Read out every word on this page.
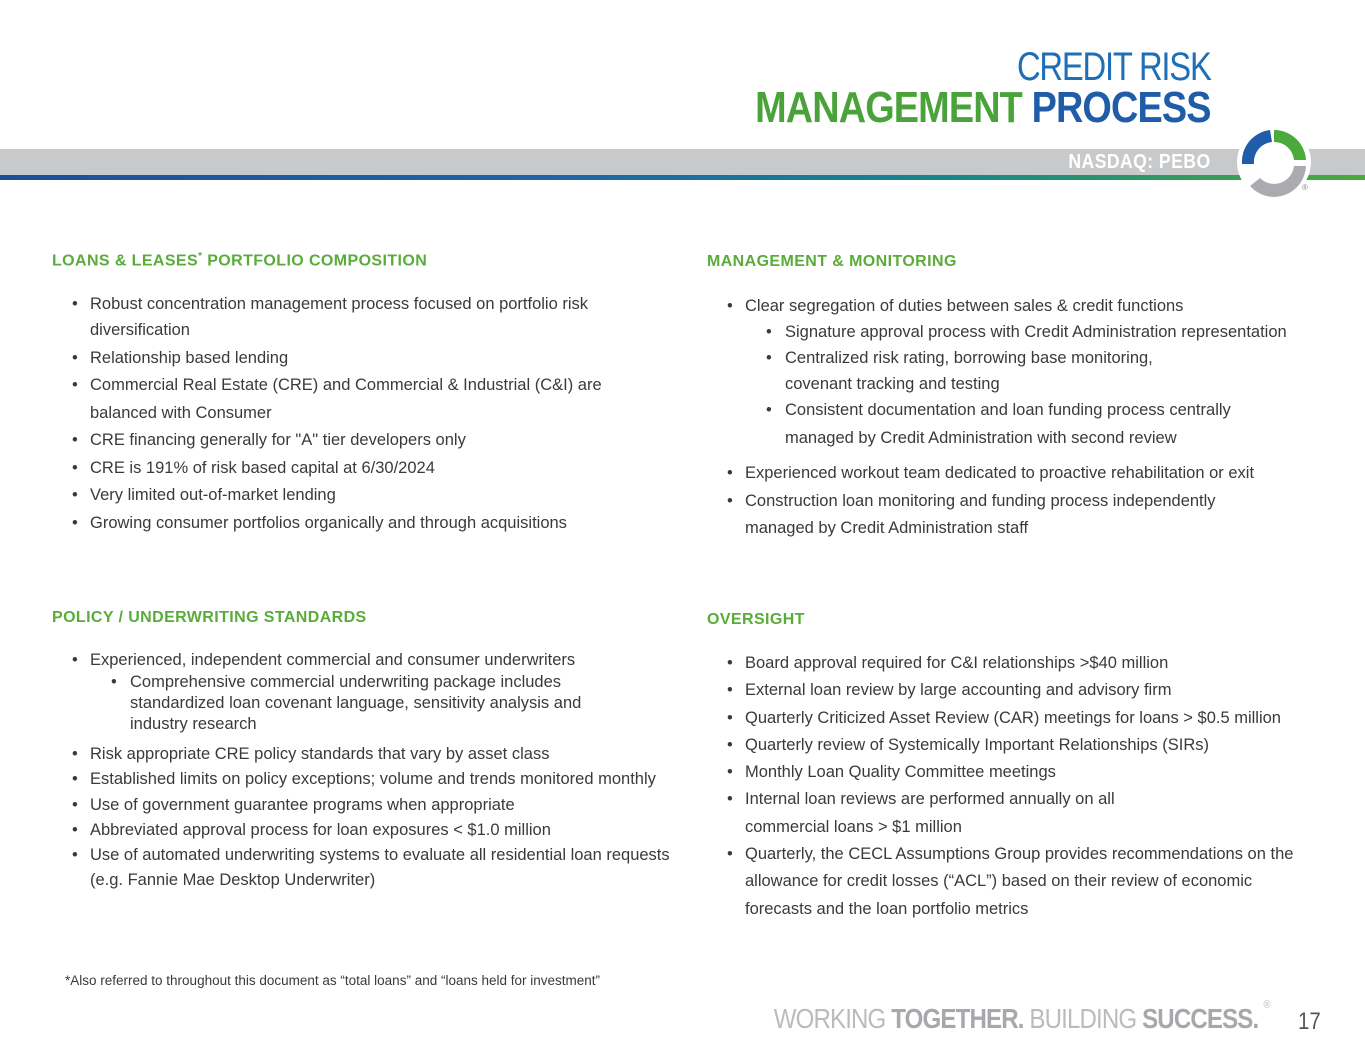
CREDIT RISK
MANAGEMENT PROCESS
NASDAQ: PEBO
®
LOANS & LEASES* PORTFOLIO COMPOSITION
• Robust concentration management process focused on portfolio risk diversification
• Relationship based lending
• Commercial Real Estate (CRE) and Commercial & Industrial (C&I) are balanced with Consumer
• CRE financing generally for "A" tier developers only
• CRE is 191% of risk based capital at 6/30/2024
• Very limited out-of-market lending
• Growing consumer portfolios organically and through acquisitions
POLICY / UNDERWRITING STANDARDS
• Experienced, independent commercial and consumer underwriters
• Comprehensive commercial underwriting package includes standardized loan covenant language, sensitivity analysis and industry research
• Risk appropriate CRE policy standards that vary by asset class
• Established limits on policy exceptions; volume and trends monitored monthly
• Use of government guarantee programs when appropriate
• Abbreviated approval process for loan exposures < $1.0 million
• Use of automated underwriting systems to evaluate all residential loan requests (e.g. Fannie Mae Desktop Underwriter)
MANAGEMENT & MONITORING
• Clear segregation of duties between sales & credit functions
• Signature approval process with Credit Administration representation
• Centralized risk rating, borrowing base monitoring, covenant tracking and testing
• Consistent documentation and loan funding process centrally managed by Credit Administration with second review
• Experienced workout team dedicated to proactive rehabilitation or exit
• Construction loan monitoring and funding process independently managed by Credit Administration staff
OVERSIGHT
• Board approval required for C&I relationships >$40 million
• External loan review by large accounting and advisory firm
• Quarterly Criticized Asset Review (CAR) meetings for loans > $0.5 million
• Quarterly review of Systemically Important Relationships (SIRs)
• Monthly Loan Quality Committee meetings
• Internal loan reviews are performed annually on all commercial loans > $1 million
• Quarterly, the CECL Assumptions Group provides recommendations on the allowance for credit losses (“ACL”) based on their review of economic forecasts and the loan portfolio metrics
*Also referred to throughout this document as “total loans” and “loans held for investment”
WORKING TOGETHER. BUILDING SUCCESS. ®
17
